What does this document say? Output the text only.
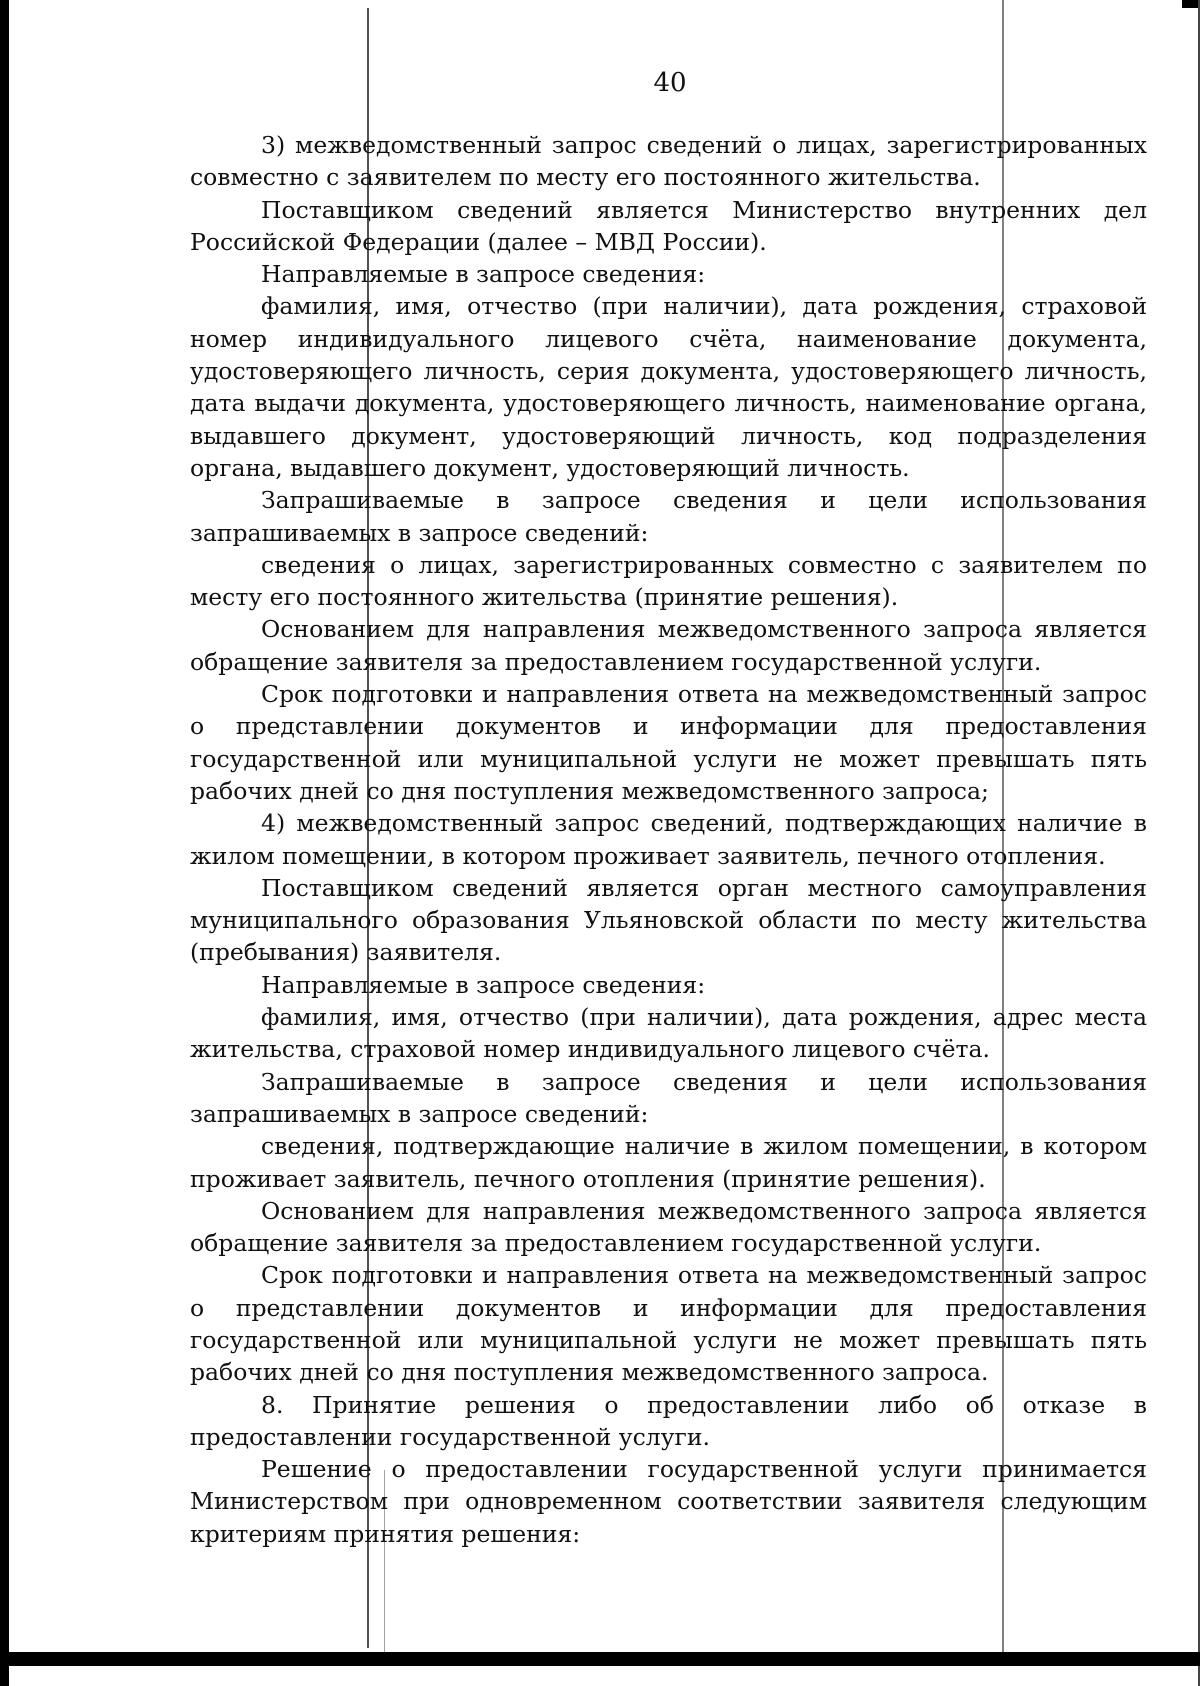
40

3) межведомственный запрос сведений о лицах, зарегистрированных совместно с заявителем по месту его постоянного жительства.

Поставщиком сведений является Министерство внутренних дел Российской Федерации (далее – МВД России).

Направляемые в запросе сведения:

фамилия, имя, отчество (при наличии), дата рождения, страховой номер индивидуального лицевого счёта, наименование документа, удостоверяющего личность, серия документа, удостоверяющего личность, дата выдачи документа, удостоверяющего личность, наименование органа, выдавшего документ, удостоверяющий личность, код подразделения органа, выдавшего документ, удостоверяющий личность.

Запрашиваемые в запросе сведения и цели использования запрашиваемых в запросе сведений:

сведения о лицах, зарегистрированных совместно с заявителем по месту его постоянного жительства (принятие решения).

Основанием для направления межведомственного запроса является обращение заявителя за предоставлением государственной услуги.

Срок подготовки и направления ответа на межведомственный запрос о представлении документов и информации для предоставления государственной или муниципальной услуги не может превышать пять рабочих дней со дня поступления межведомственного запроса;

4) межведомственный запрос сведений, подтверждающих наличие в жилом помещении, в котором проживает заявитель, печного отопления.

Поставщиком сведений является орган местного самоуправления муниципального образования Ульяновской области по месту жительства (пребывания) заявителя.

Направляемые в запросе сведения:

фамилия, имя, отчество (при наличии), дата рождения, адрес места жительства, страховой номер индивидуального лицевого счёта.

Запрашиваемые в запросе сведения и цели использования запрашиваемых в запросе сведений:

сведения, подтверждающие наличие в жилом помещении, в котором проживает заявитель, печного отопления (принятие решения).

Основанием для направления межведомственного запроса является обращение заявителя за предоставлением государственной услуги.

Срок подготовки и направления ответа на межведомственный запрос о представлении документов и информации для предоставления государственной или муниципальной услуги не может превышать пять рабочих дней со дня поступления межведомственного запроса.

8. Принятие решения о предоставлении либо об отказе в предоставлении государственной услуги.

Решение о предоставлении государственной услуги принимается Министерством при одновременном соответствии заявителя следующим критериям принятия решения:
